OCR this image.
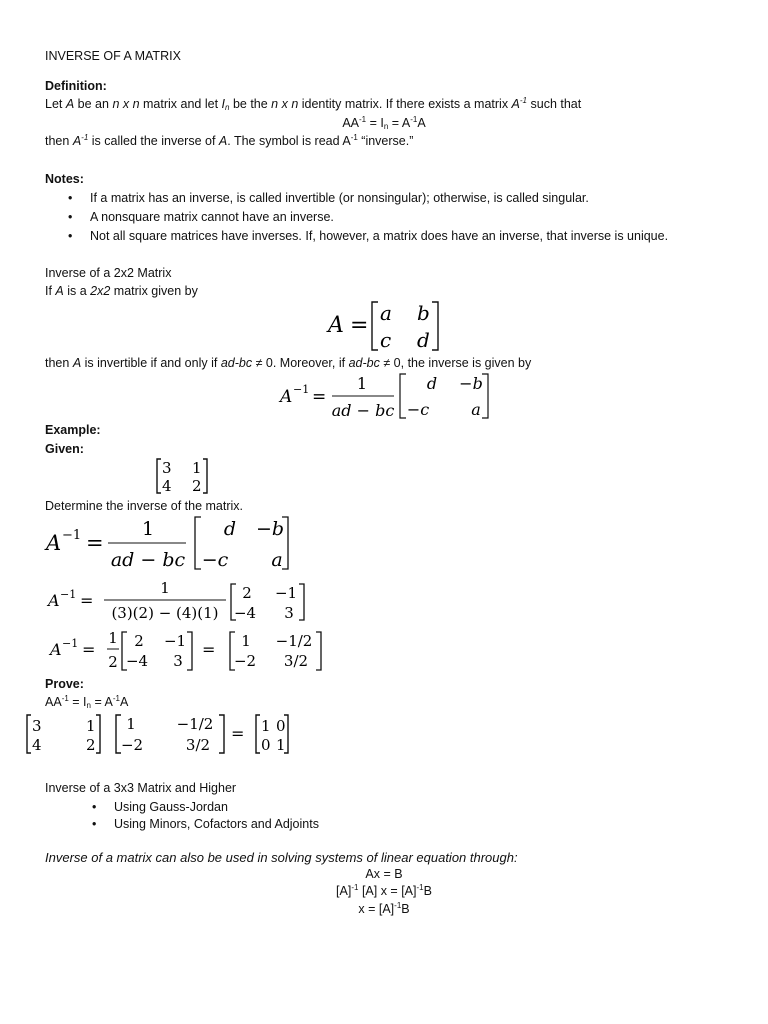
INVERSE OF A MATRIX
Definition:
Let A be an n x n matrix and let $I_n$ be the n x n identity matrix. If there exists a matrix $A^{-1}$ such that
$AA^{-1} = I_n = A^{-1}A$
then $A^{-1}$ is called the inverse of A. The symbol is read $A^{-1}$ “inverse.”
Notes:
• If a matrix has an inverse, is called invertible (or nonsingular); otherwise, is called singular.
• A nonsquare matrix cannot have an inverse.
• Not all square matrices have inverses. If, however, a matrix does have an inverse, that inverse is unique.
Inverse of a 2x2 Matrix
If A is a 2x2 matrix given by
A = a b
c d
then A is invertible if and only if ad-bc ≠ 0. Moreover, if ad-bc ≠ 0, the inverse is given by
A −1 =
1
ad − bc
d −b
−c	a
Example:
Given:
3 1
4 2
Determine the inverse of the matrix.
A −1 =
1
ad − bc
d −b
−c a
A −1 =
1
(3)(2) − (4)(1)
2 −1
−4 3
A −1 =
1
2
2 −1
−4 3
= 1 −1/2
−2 3/2
Prove:
$AA^{-1} = I_n = A^{-1}A$
3	1
4	2
1	−1/2
−2	3/2
= 1 0
0 1
Inverse of a 3x3 Matrix and Higher
• Using Gauss-Jordan
• Using Minors, Cofactors and Adjoints
Inverse of a matrix can also be used in solving systems of linear equation through:
Ax = B
$[A]^{-1}$ [A] $x = [A]^{-1}B$
$x = [A]^{-1}B$
